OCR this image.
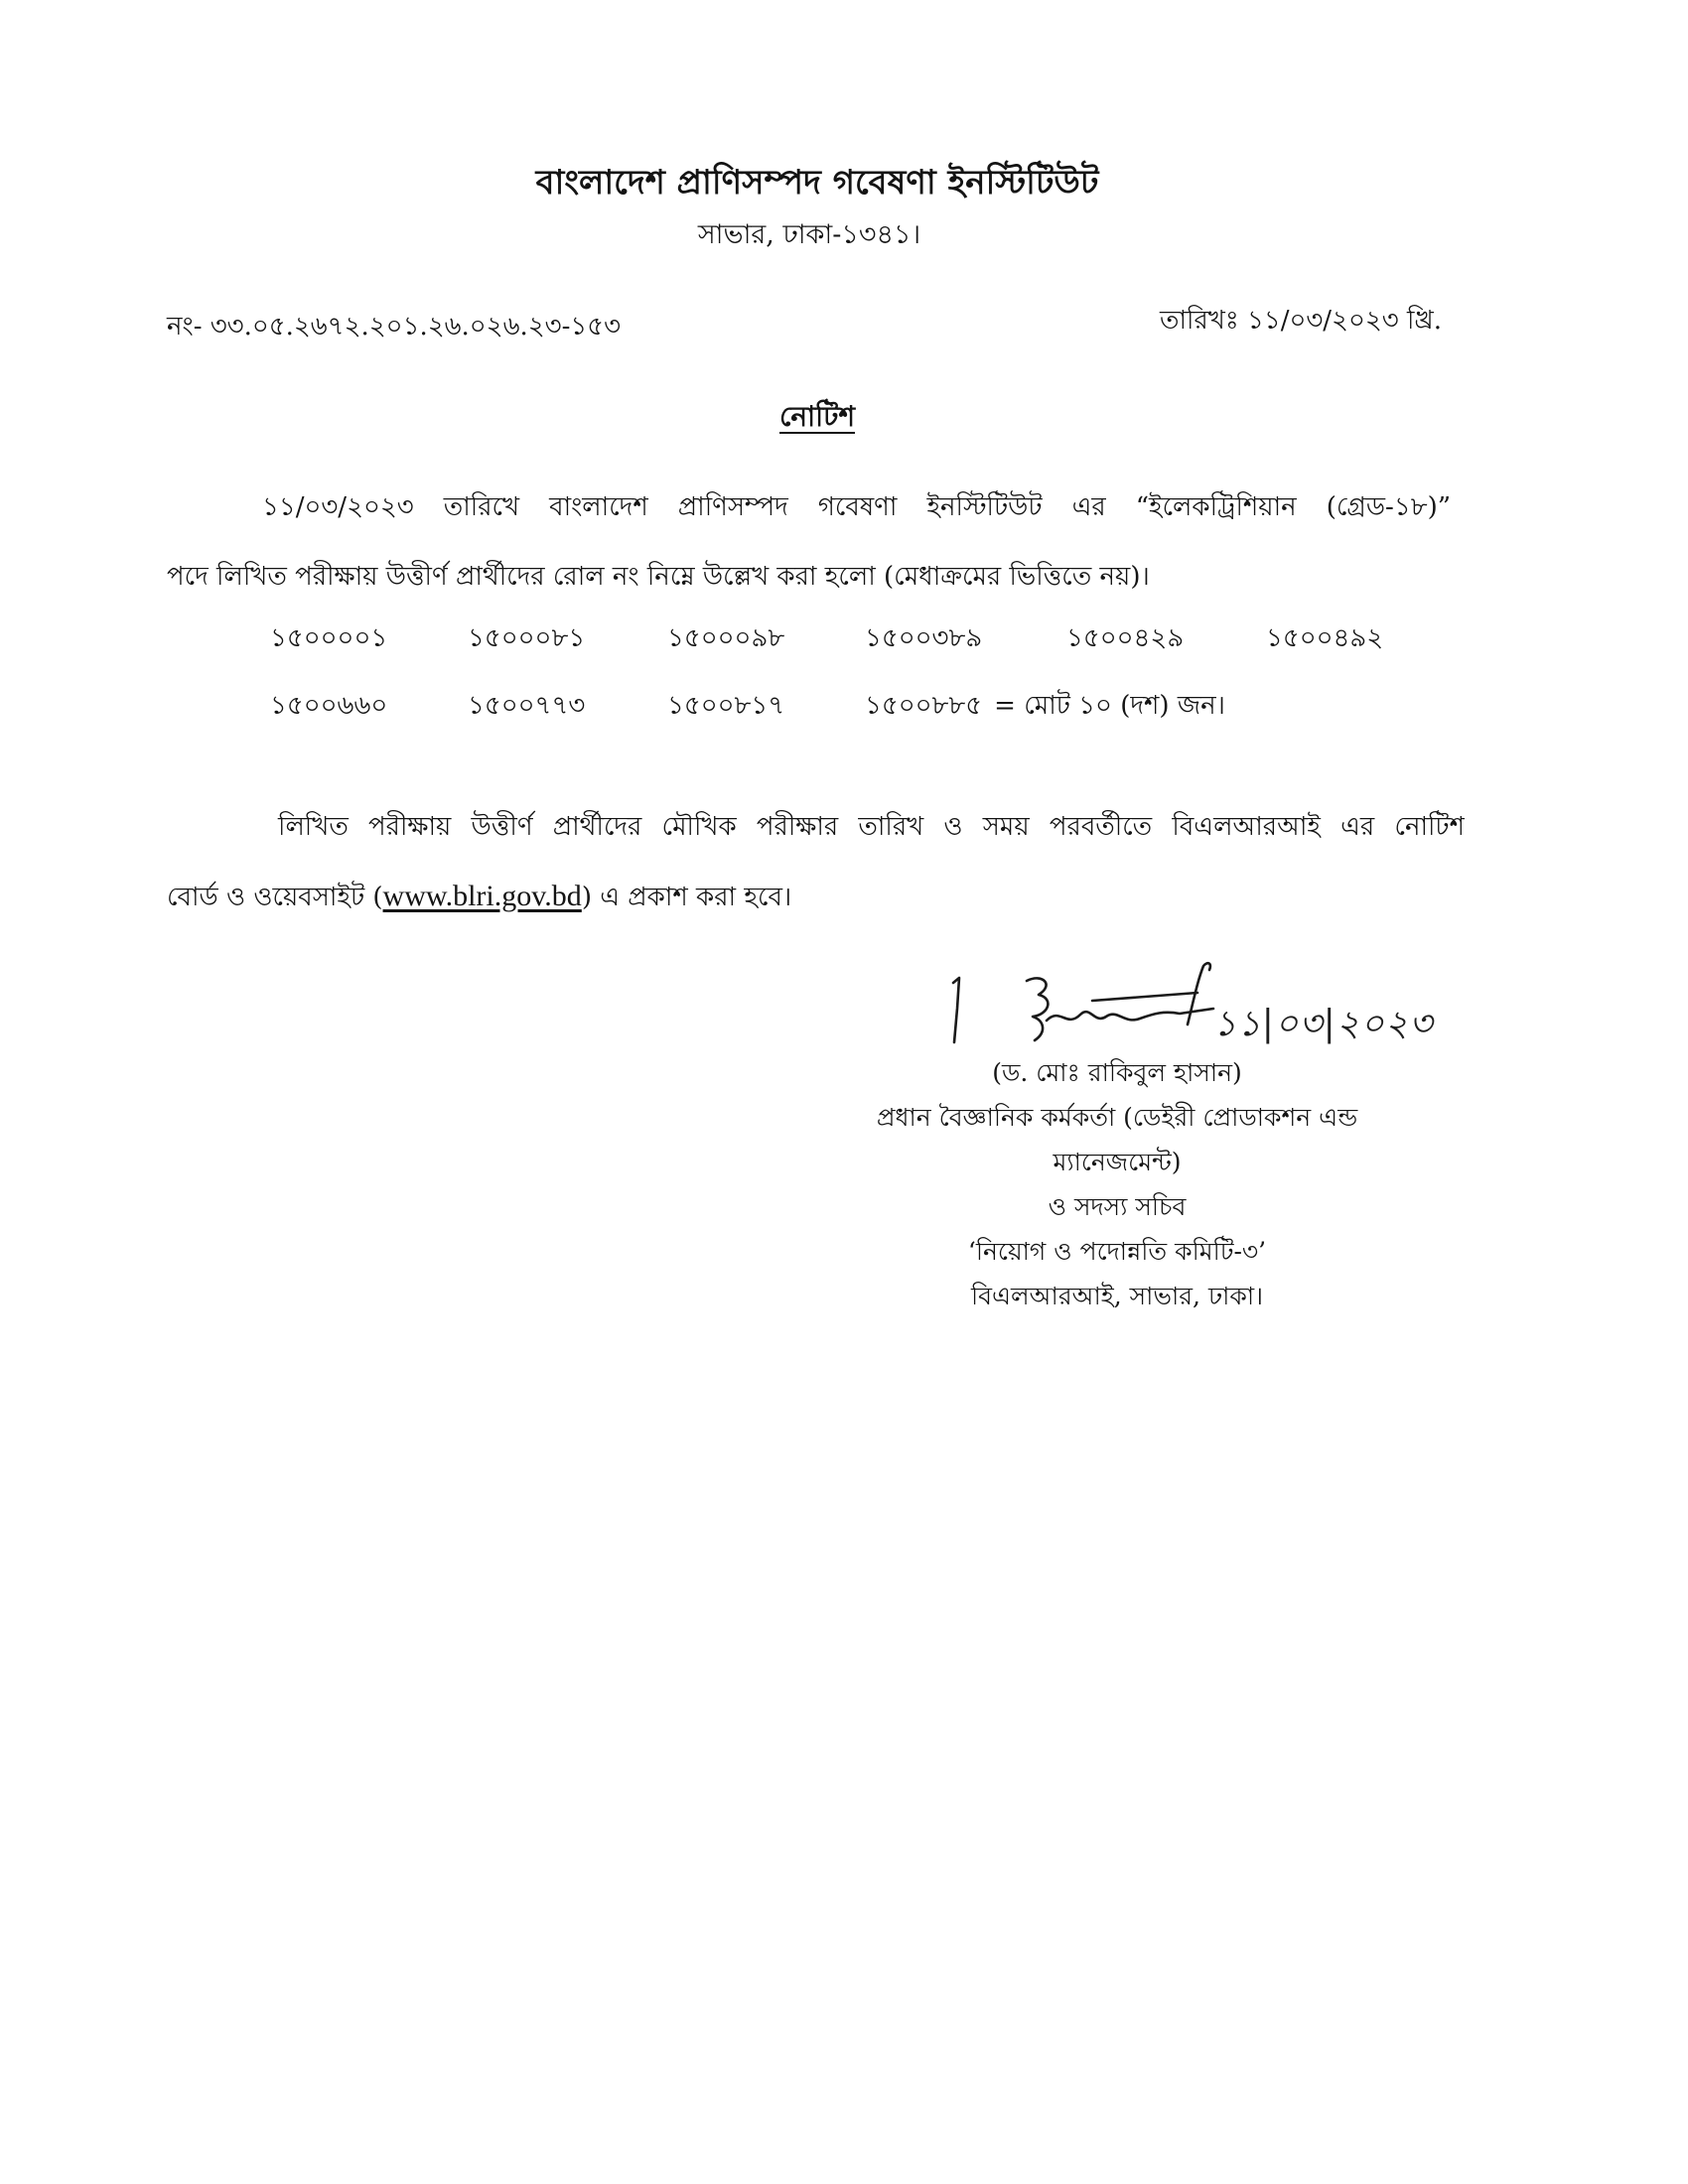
বাংলাদেশ প্রাণিসম্পদ গবেষণা ইনস্টিটিউট
সাভার, ঢাকা-১৩৪১।
নং- ৩৩.০৫.২৬৭২.২০১.২৬.০২৬.২৩-১৫৩	তারিখঃ ১১/০৩/২০২৩ খ্রি.
নোটিশ
১১/০৩/২০২৩ তারিখে বাংলাদেশ প্রাণিসম্পদ গবেষণা ইনস্টিটিউট এর “ইলেকট্রিশিয়ান (গ্রেড-১৮)”
পদে লিখিত পরীক্ষায় উত্তীর্ণ প্রার্থীদের রোল নং নিম্নে উল্লেখ করা হলো (মেধাক্রমের ভিত্তিতে নয়)।
১৫০০০০১	১৫০০০৮১	১৫০০০৯৮	১৫০০৩৮৯	১৫০০৪২৯	১৫০০৪৯২
১৫০০৬৬০	১৫০০৭৭৩	১৫০০৮১৭	১৫০০৮৮৫ = মোট ১০ (দশ) জন।
লিখিত পরীক্ষায় উত্তীর্ণ প্রার্থীদের মৌখিক পরীক্ষার তারিখ ও সময় পরবর্তীতে বিএলআরআই এর নোটিশ
বোর্ড ও ওয়েবসাইট (www.blri.gov.bd) এ প্রকাশ করা হবে।
১১|০৩|২০২৩
(ড. মোঃ রাকিবুল হাসান)
প্রধান বৈজ্ঞানিক কর্মকর্তা (ডেইরী প্রোডাকশন এন্ড
ম্যানেজমেন্ট)
ও সদস্য সচিব
‘নিয়োগ ও পদোন্নতি কমিটি-৩’
বিএলআরআই, সাভার, ঢাকা।
